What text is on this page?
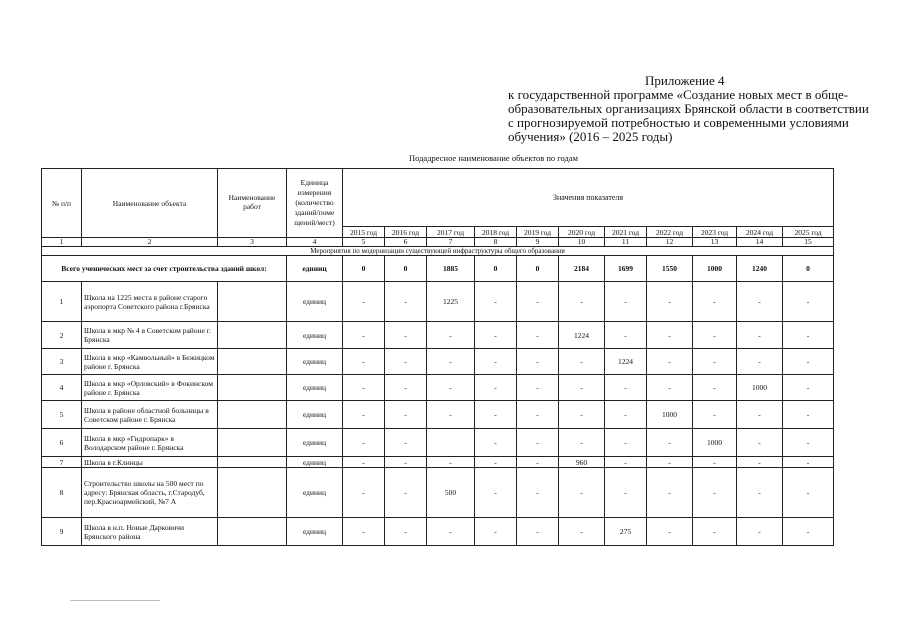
Приложение 4
к государственной программе «Создание новых мест в обще-
образовательных организациях Брянской области в соответствии
с прогнозируемой потребностью и современными условиями
обучения» (2016 – 2025 годы)
Подадресное наименование объектов по годам
№ п/п	Наименование объекта	Наименование работ	Единица измерения (количество зданий/поме щений/мест)	Значения показателя										
				2015 год	2016 год	2017 год	2018 год	2019 год	2020 год	2021 год	2022 год	2023 год	2024 год	2025 год
1	2	3	4	5	6	7	8	9	10	11	12	13	14	15
Мероприятия по модернизации существующей инфраструктуры общего образования														
Всего ученических мест за счет строительства зданий школ:			единиц	0	0	1885	0	0	2184	1699	1550	1000	1240	0
1	Школа на 1225 места в районе старого аэропорта Советского района г.Брянска		единиц	-	-	1225	-	-	-	-	-	-	-	-
2	Школа в мкр № 4 в Советском районе г. Брянска		единиц	-	-	-	-	-	1224	-	-	-	-	-
3	Школа в мкр «Камвольный» в Бежицком районе г. Брянска		единиц	-	-	-	-	-	-	1224	-	-	-	-
4	Школа в мкр «Орловский» в Фокинском районе г. Брянска		единиц	-	-	-	-	-	-	-	-	-	1000	-
5	Школа в районе областной больницы в Советском районе г. Брянска		единиц	-	-	-	-	-	-	-	1000	-	-	-
6	Школа в мкр «Гидропарк» в Володарском районе г. Брянска		единиц	-	-		-	-	-	-	-	1000	-	-
7	Школа в г.Клинцы		единиц	-	-	-	-	-	960	-	-	-	-	-
8	Строительство школы на 500 мест по адресу: Брянская область, г.Стародуб, пер.Красноармейский, №7 А		единиц	-	-	500	-	-	-	-	-	-	-	-
9	Школа в н.п. Новые Дарковичи Брянского района		единиц	-	-	-	-	-	-	275	-	-	-	-
